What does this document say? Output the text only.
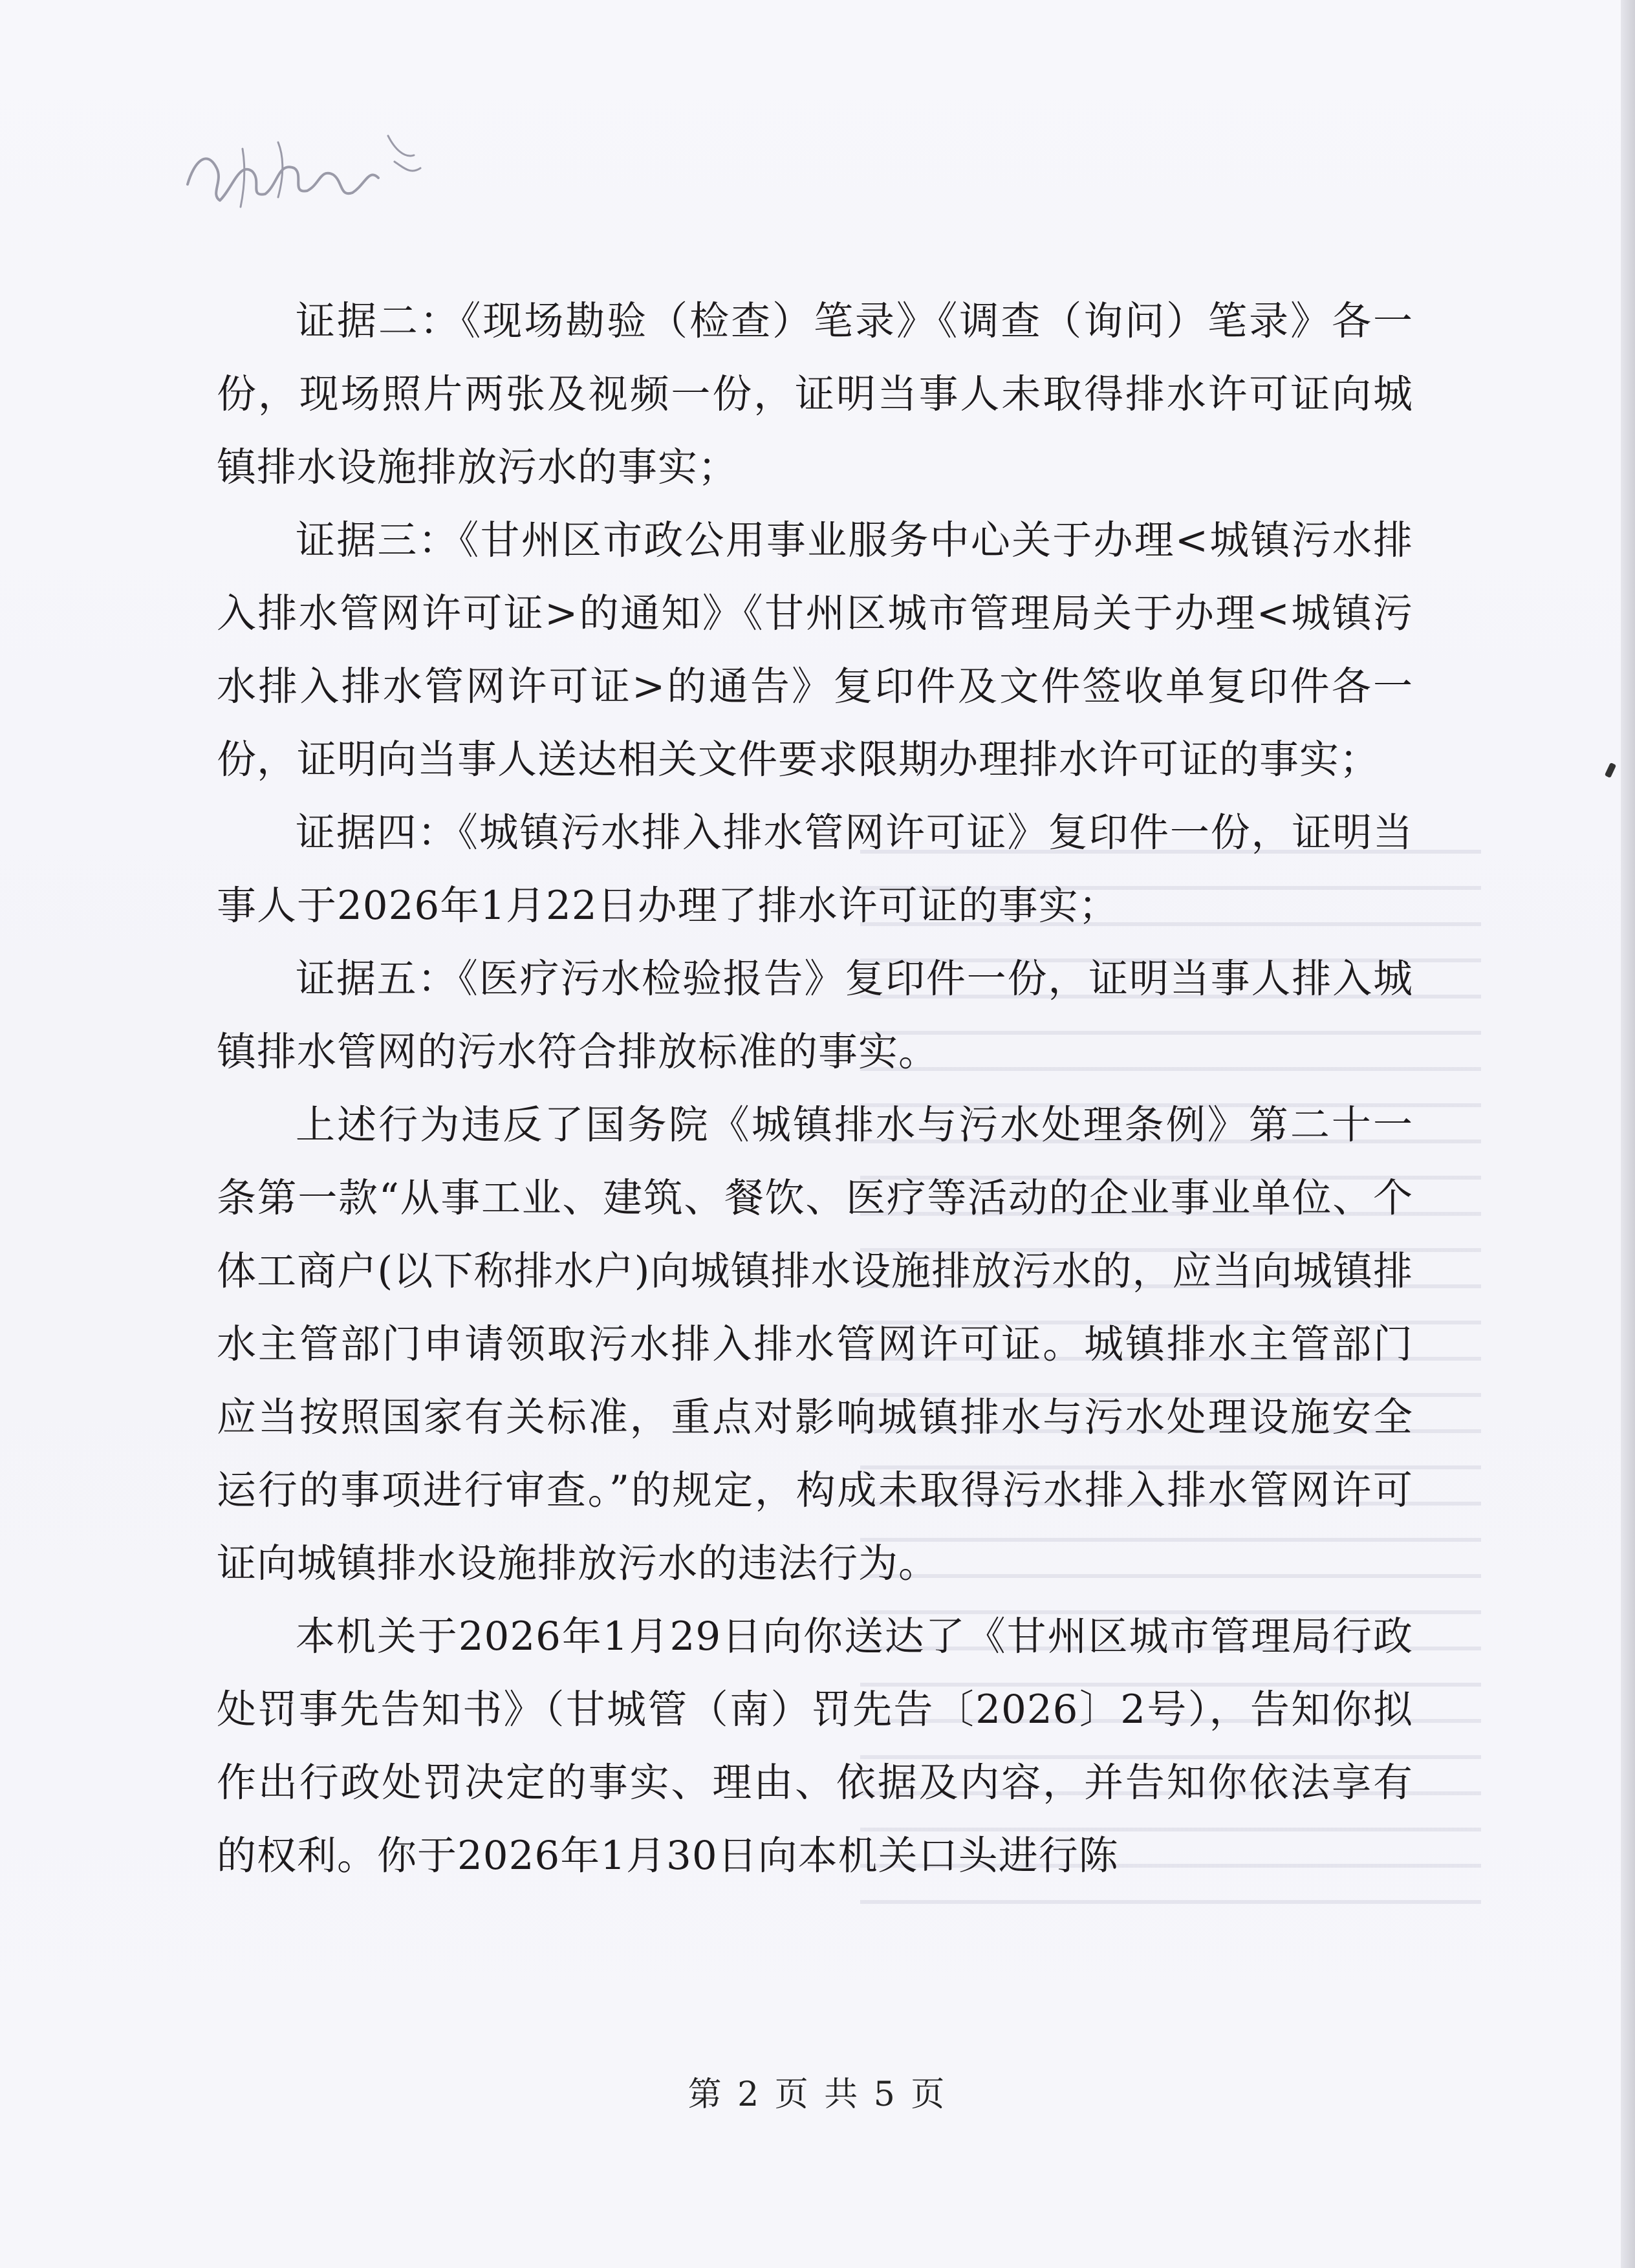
证据二：《现场勘验（检查）笔录》《调查（询问）笔录》各一份，现场照片两张及视频一份，证明当事人未取得排水许可证向城镇排水设施排放污水的事实；

证据三：《甘州区市政公用事业服务中心关于办理<城镇污水排入排水管网许可证>的通知》《甘州区城市管理局关于办理<城镇污水排入排水管网许可证>的通告》复印件及文件签收单复印件各一份，证明向当事人送达相关文件要求限期办理排水许可证的事实；

证据四：《城镇污水排入排水管网许可证》复印件一份，证明当事人于2026年1月22日办理了排水许可证的事实；

证据五：《医疗污水检验报告》复印件一份，证明当事人排入城镇排水管网的污水符合排放标准的事实。

上述行为违反了国务院《城镇排水与污水处理条例》第二十一条第一款“从事工业、建筑、餐饮、医疗等活动的企业事业单位、个体工商户(以下称排水户)向城镇排水设施排放污水的，应当向城镇排水主管部门申请领取污水排入排水管网许可证。城镇排水主管部门应当按照国家有关标准，重点对影响城镇排水与污水处理设施安全运行的事项进行审查。”的规定，构成未取得污水排入排水管网许可证向城镇排水设施排放污水的违法行为。

本机关于2026年1月29日向你送达了《甘州区城市管理局行政处罚事先告知书》（甘城管（南）罚先告〔2026〕2号），告知你拟作出行政处罚决定的事实、理由、依据及内容，并告知你依法享有的权利。你于2026年1月30日向本机关口头进行陈

第 2 页 共 5 页
